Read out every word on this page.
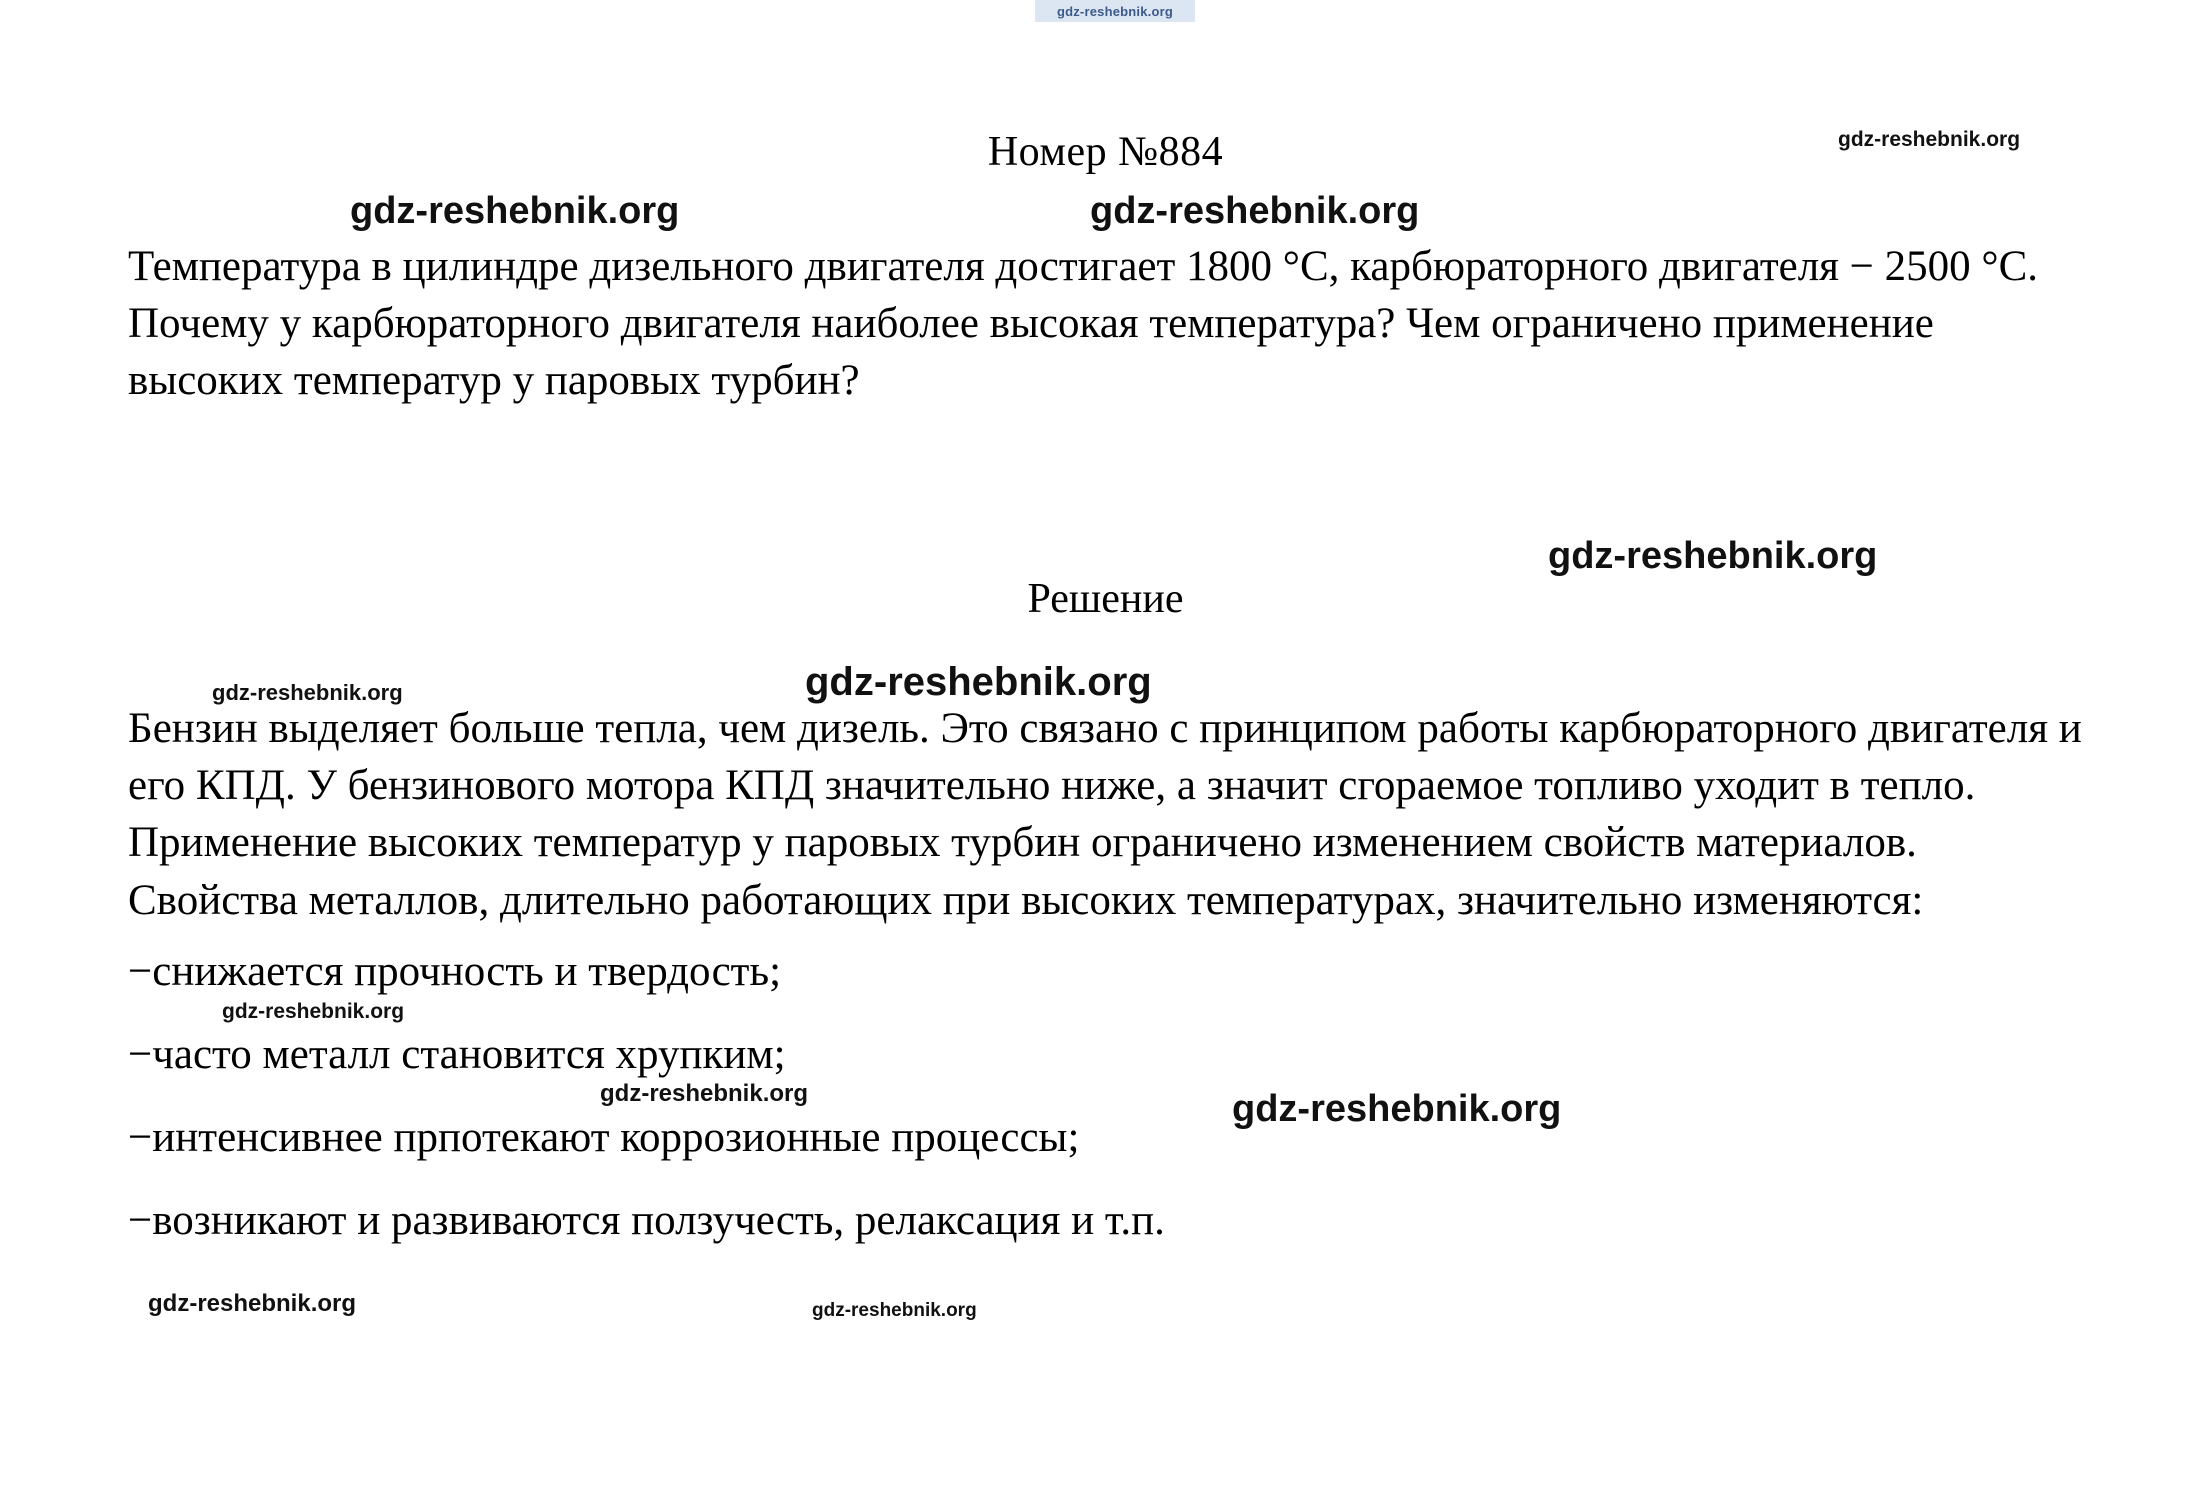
gdz-reshebnik.org
Номер №884
Температура в цилиндре дизельного двигателя достигает 1800 °C, карбюраторного двигателя − 2500 °C. Почему у карбюраторного двигателя наиболее высокая температура? Чем ограничено применение высоких температур у паровых турбин?
Решение

Бензин выделяет больше тепла, чем дизель. Это связано с принципом работы карбюраторного двигателя и его КПД. У бензинового мотора КПД значительно ниже, а значит сгораемое топливо уходит в тепло.

Применение высоких температур у паровых турбин ограничено изменением свойств материалов. Свойства металлов, длительно работающих при высоких температурах, значительно изменяются:

−снижается прочность и твердость;

−часто металл становится хрупким;

−интенсивнее прпотекают коррозионные процессы;

−возникают и развиваются ползучесть, релаксация и т.п.

gdz-reshebnik.org	gdz-reshebnik.org
gdz-reshebnik.org
gdz-reshebnik.org
gdz-reshebnik.org	gdz-reshebnik.org
gdz-reshebnik.org
gdz-reshebnik.org	gdz-reshebnik.org
gdz-reshebnik.org	gdz-reshebnik.org
